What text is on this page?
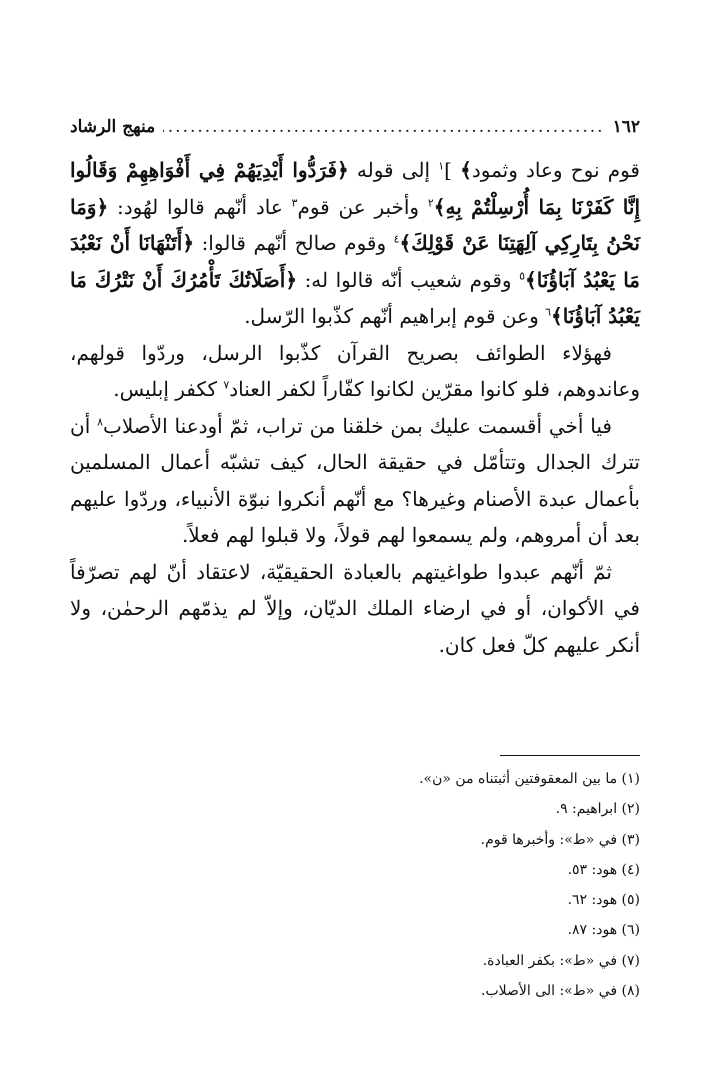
١٦٢
.....
منهج الرشاد

قوم نوح وعاد وثمود﴾ ]$^١$ إلى قوله ﴿فَرَدُّوا أَيْدِيَهُمْ فِي أَفْوَاهِهِمْ وَقَالُوا إِنَّا كَفَرْنَا بِمَا أُرْسِلْتُمْ بِهِ﴾$^٢$ وأخبر عن قوم$^٣$ عاد أنّهم قالوا لهُود: ﴿وَمَا نَحْنُ بِتَارِكِي آلِهَتِنَا عَنْ قَوْلِكَ﴾$^٤$ وقوم صالح أنّهم قالوا: ﴿أَتَنْهَانَا أَنْ نَعْبُدَ مَا يَعْبُدُ آبَاؤُنَا﴾$^٥$ وقوم شعيب أنّه قالوا له: ﴿أَصَلَاتُكَ تَأْمُرُكَ أَنْ نَتْرُكَ مَا يَعْبُدُ آبَاؤُنَا﴾$^٦$ وعن قوم إبراهيم أنّهم كذّبوا الرّسل.

فهؤلاء الطوائف بصريح القرآن كذّبوا الرسل، وردّوا قولهم، وعاندوهم، فلو كانوا مقرّين لكانوا كفّاراً لكفر العناد$^٧$ ككفر إبليس.

فيا أخي أقسمت عليك بمن خلقنا من تراب، ثمّ أودعنا الأصلاب$^٨$ أن تترك الجدال وتتأمّل في حقيقة الحال، كيف تشبّه أعمال المسلمين بأعمال عبدة الأصنام وغيرها؟ مع أنّهم أنكروا نبوّة الأنبياء، وردّوا عليهم بعد أن أمروهم، ولم يسمعوا لهم قولاً، ولا قبلوا لهم فعلاً.

ثمّ أنّهم عبدوا طواغيتهم بالعبادة الحقيقيّة، لاعتقاد أنّ لهم تصرّفاً في الأكوان، أو في ارضاء الملك الديّان، وإلاّ لم يذمّهم الرحمٰن، ولا أنكر عليهم كلّ فعل كان.

(١) ما بين المعقوفتين أثبتناه من «ن».
(٢) ابراهيم: ٩.
(٣) في «ط»: وأخبرها قوم.
(٤) هود: ٥٣.
(٥) هود: ٦٢.
(٦) هود: ٨٧.
(٧) في «ط»: بكفر العبادة.
(٨) في «ط»: الى الأصلاب.
